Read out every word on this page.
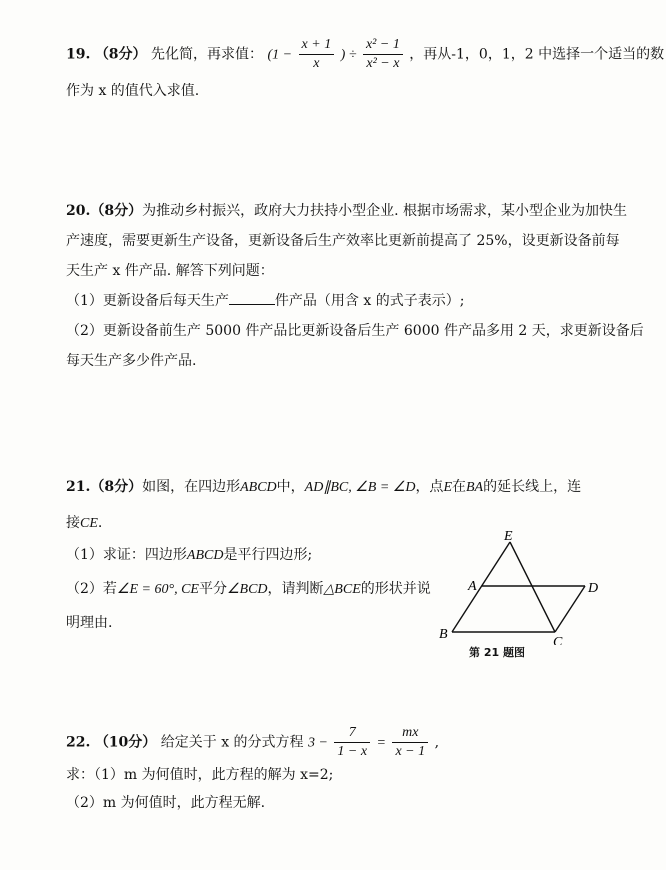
19. （8分） 先化简，再求值： ($1 - \frac{x + 1}{x}$ ) ÷ $\frac{\text{x² − 1}}{\text{x² − x}}$ ，再从-1，0，1，2 中选择一个适当的数
作为 x 的值代入求值.
20.（8分）为推动乡村振兴，政府大力扶持小型企业. 根据市场需求，某小型企业为加快生
产速度，需要更新生产设备，更新设备后生产效率比更新前提高了 25%，设更新设备前每
天生产 x 件产品. 解答下列问题：
（1）更新设备后每天生产	件产品（用含 x 的式子表示）;
（2）更新设备前生产 5000 件产品比更新设备后生产 6000 件产品多用 2 天，求更新设备后
每天生产多少件产品.
21.（8分）如图，在四边形ABCD中，AD∥BC, ∠B = ∠D，点E在BA的延长线上，连
接CE.
（1）求证：四边形ABCD是平行四边形;
（2）若∠E = 60°, CE平分∠BCD，请判断△BCE的形状并说
明理由.
E
A	D
B
C
第 21 题图
22. （10分） 给定关于 x 的分式方程 $3 - \frac{7}{1 - x} = \frac{mx}{x - 1}$ ,
求：（1）m 为何值时，此方程的解为 x=2;
（2）m 为何值时，此方程无解.
